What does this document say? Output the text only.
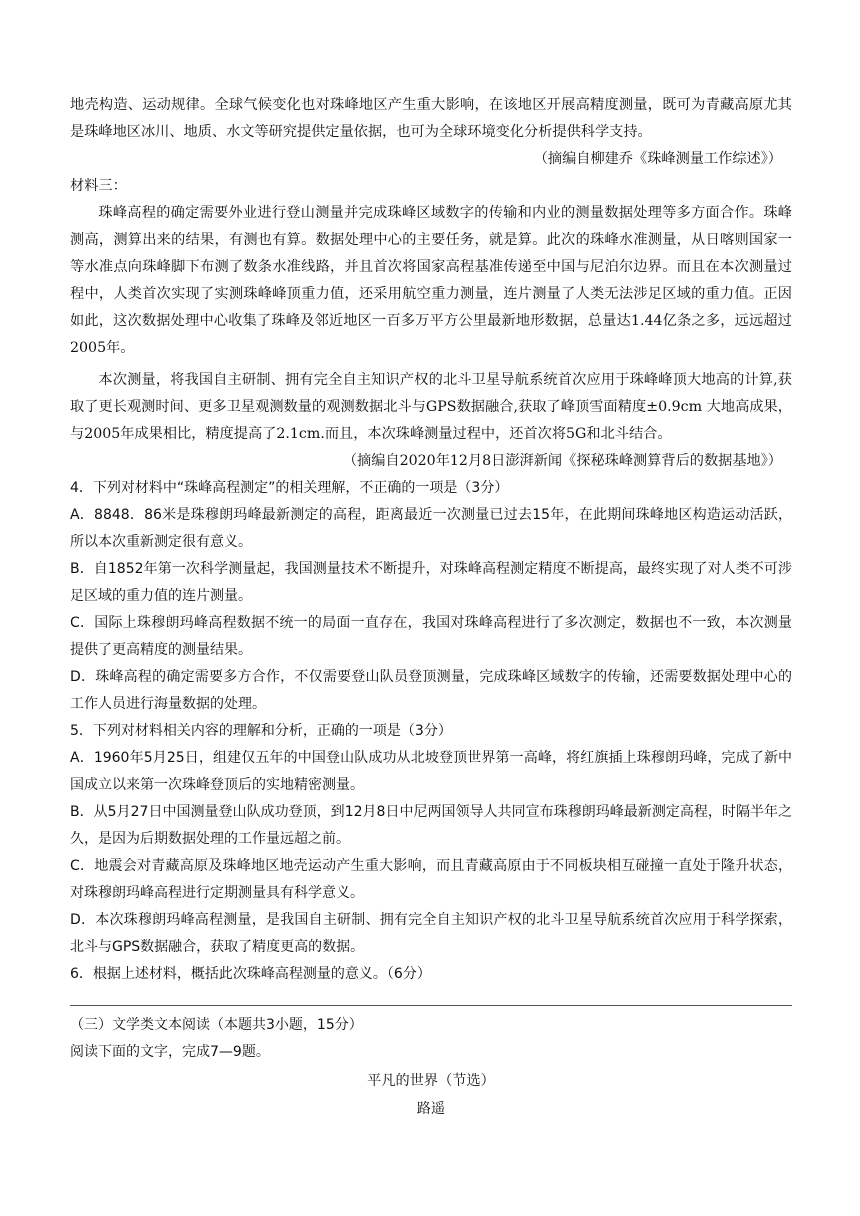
地壳构造、运动规律。全球气候变化也对珠峰地区产生重大影响，在该地区开展高精度测量，既可为青藏高原尤其是珠峰地区冰川、地质、水文等研究提供定量依据，也可为全球环境变化分析提供科学支持。

（摘编自柳建乔《珠峰测量工作综述》）

材料三：

珠峰高程的确定需要外业进行登山测量并完成珠峰区域数字的传输和内业的测量数据处理等多方面合作。珠峰测高，测算出来的结果，有测也有算。数据处理中心的主要任务，就是算。此次的珠峰水准测量，从日喀则国家一等水准点向珠峰脚下布测了数条水准线路，并且首次将国家高程基准传递至中国与尼泊尔边界。而且在本次测量过程中，人类首次实现了实测珠峰峰顶重力值，还采用航空重力测量，连片测量了人类无法涉足区域的重力值。正因如此，这次数据处理中心收集了珠峰及邻近地区一百多万平方公里最新地形数据，总量达1.44亿条之多，远远超过2005年。

本次测量，将我国自主研制、拥有完全自主知识产权的北斗卫星导航系统首次应用于珠峰峰顶大地高的计算,获取了更长观测时间、更多卫星观测数量的观测数据北斗与GPS数据融合,获取了峰顶雪面精度±0.9cm 大地高成果，与2005年成果相比，精度提高了2.1cm.而且，本次珠峰测量过程中，还首次将5G和北斗结合。

（摘编自2020年12月8日澎湃新闻《探秘珠峰测算背后的数据基地》）

4．下列对材料中“珠峰高程测定”的相关理解，不正确的一项是（3分）

A．8848．86米是珠穆朗玛峰最新测定的高程，距离最近一次测量已过去15年，在此期间珠峰地区构造运动活跃，所以本次重新测定很有意义。

B．自1852年第一次科学测量起，我国测量技术不断提升，对珠峰高程测定精度不断提高，最终实现了对人类不可涉足区域的重力值的连片测量。

C．国际上珠穆朗玛峰高程数据不统一的局面一直存在，我国对珠峰高程进行了多次测定，数据也不一致，本次测量提供了更高精度的测量结果。

D．珠峰高程的确定需要多方合作，不仅需要登山队员登顶测量，完成珠峰区域数字的传输，还需要数据处理中心的工作人员进行海量数据的处理。

5．下列对材料相关内容的理解和分析，正确的一项是（3分）

A．1960年5月25日，组建仅五年的中国登山队成功从北坡登顶世界第一高峰，将红旗插上珠穆朗玛峰，完成了新中国成立以来第一次珠峰登顶后的实地精密测量。

B．从5月27日中国测量登山队成功登顶，到12月8日中尼两国领导人共同宣布珠穆朗玛峰最新测定高程，时隔半年之久，是因为后期数据处理的工作量远超之前。

C．地震会对青藏高原及珠峰地区地壳运动产生重大影响，而且青藏高原由于不同板块相互碰撞一直处于隆升状态，对珠穆朗玛峰高程进行定期测量具有科学意义。

D．本次珠穆朗玛峰高程测量，是我国自主研制、拥有完全自主知识产权的北斗卫星导航系统首次应用于科学探索，北斗与GPS数据融合，获取了精度更高的数据。

6．根据上述材料，概括此次珠峰高程测量的意义。（6分）

（三）文学类文本阅读（本题共3小题，15分）

阅读下面的文字，完成7—9题。

平凡的世界（节选）

路遥
